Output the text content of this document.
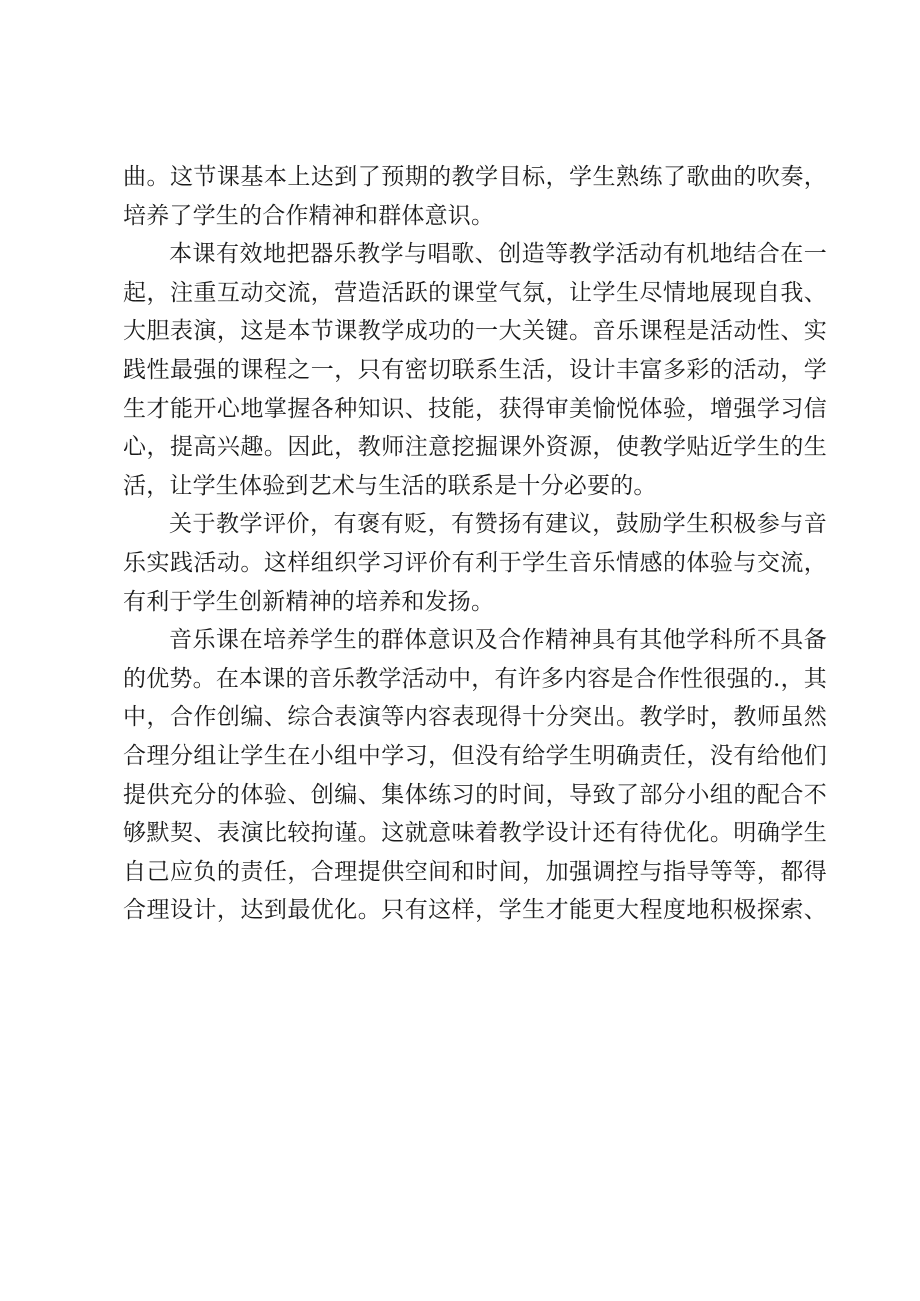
曲。这节课基本上达到了预期的教学目标，学生熟练了歌曲的吹奏，
培养了学生的合作精神和群体意识。

本课有效地把器乐教学与唱歌、创造等教学活动有机地结合在一
起，注重互动交流，营造活跃的课堂气氛，让学生尽情地展现自我、
大胆表演，这是本节课教学成功的一大关键。音乐课程是活动性、实
践性最强的课程之一，只有密切联系生活，设计丰富多彩的活动，学
生才能开心地掌握各种知识、技能，获得审美愉悦体验，增强学习信
心，提高兴趣。因此，教师注意挖掘课外资源，使教学贴近学生的生
活，让学生体验到艺术与生活的联系是十分必要的。

关于教学评价，有褒有贬，有赞扬有建议，鼓励学生积极参与音
乐实践活动。这样组织学习评价有利于学生音乐情感的体验与交流，
有利于学生创新精神的培养和发扬。

音乐课在培养学生的群体意识及合作精神具有其他学科所不具备
的优势。在本课的音乐教学活动中，有许多内容是合作性很强的.，其
中，合作创编、综合表演等内容表现得十分突出。教学时，教师虽然
合理分组让学生在小组中学习，但没有给学生明确责任，没有给他们
提供充分的体验、创编、集体练习的时间，导致了部分小组的配合不
够默契、表演比较拘谨。这就意味着教学设计还有待优化。明确学生
自己应负的责任，合理提供空间和时间，加强调控与指导等等，都得
合理设计，达到最优化。只有这样，学生才能更大程度地积极探索、
